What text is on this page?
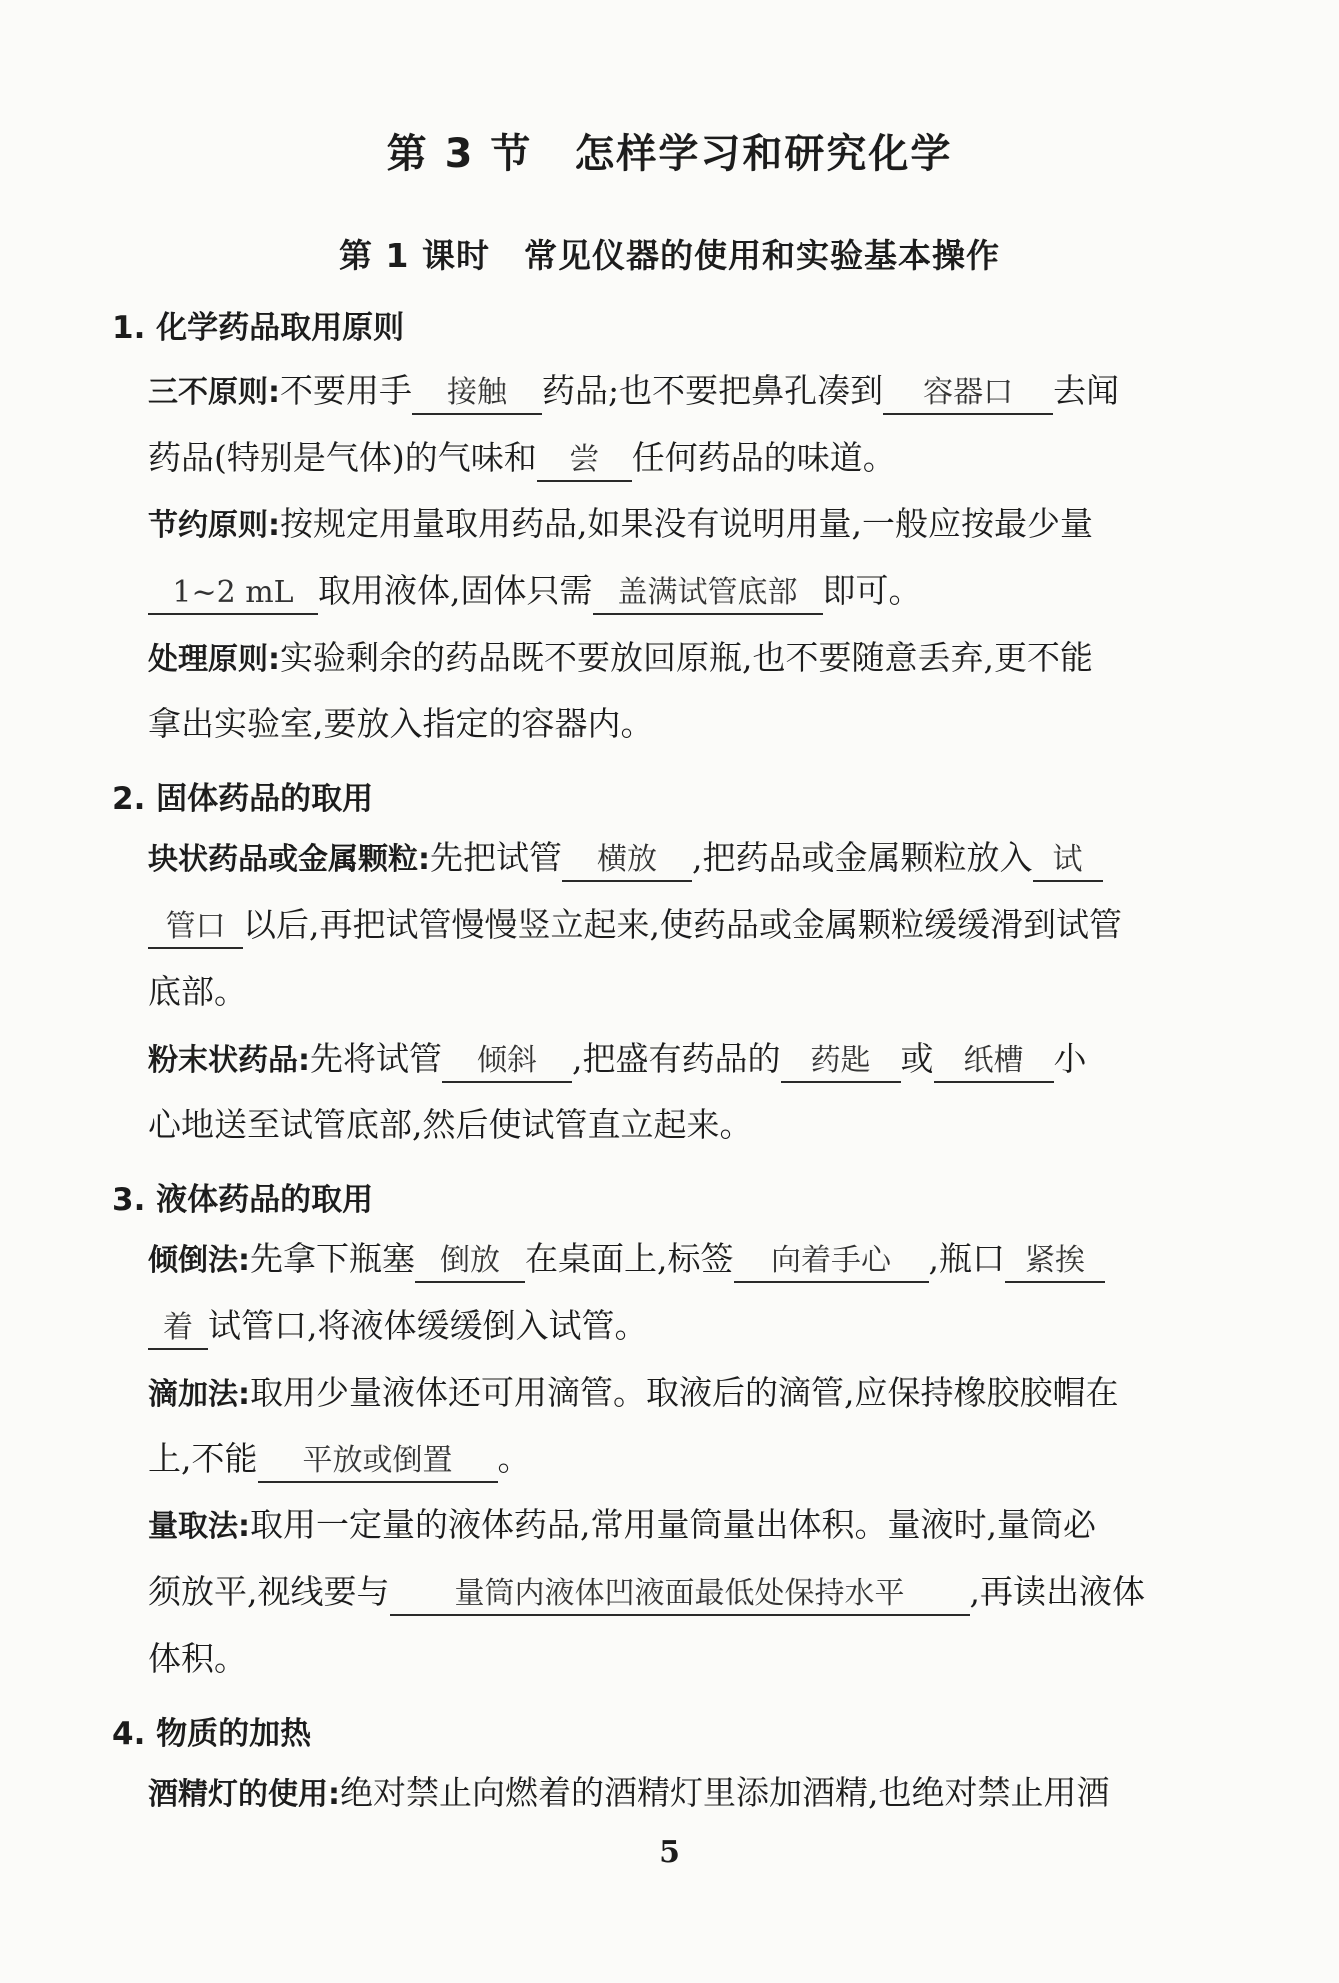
第 3 节　怎样学习和研究化学
第 1 课时　常见仪器的使用和实验基本操作
1. 化学药品取用原则
三不原则:不要用手 接触 药品;也不要把鼻孔凑到 容器口 去闻
药品(特别是气体)的气味和 尝 任何药品的味道。
节约原则:按规定用量取用药品,如果没有说明用量,一般应按最少量
1~2 mL 取用液体,固体只需 盖满试管底部 即可。
处理原则:实验剩余的药品既不要放回原瓶,也不要随意丢弃,更不能
拿出实验室,要放入指定的容器内。
2. 固体药品的取用
块状药品或金属颗粒:先把试管 横放 ,把药品或金属颗粒放入 试
管口 以后,再把试管慢慢竖立起来,使药品或金属颗粒缓缓滑到试管
底部。
粉末状药品:先将试管 倾斜 ,把盛有药品的 药匙 或 纸槽 小
心地送至试管底部,然后使试管直立起来。
3. 液体药品的取用
倾倒法:先拿下瓶塞 倒放 在桌面上,标签 向着手心 ,瓶口 紧挨
着 试管口,将液体缓缓倒入试管。
滴加法:取用少量液体还可用滴管。取液后的滴管,应保持橡胶胶帽在
上,不能 平放或倒置 。
量取法:取用一定量的液体药品,常用量筒量出体积。量液时,量筒必
须放平,视线要与 量筒内液体凹液面最低处保持水平 ,再读出液体
体积。
4. 物质的加热
酒精灯的使用:绝对禁止向燃着的酒精灯里添加酒精,也绝对禁止用酒
5
